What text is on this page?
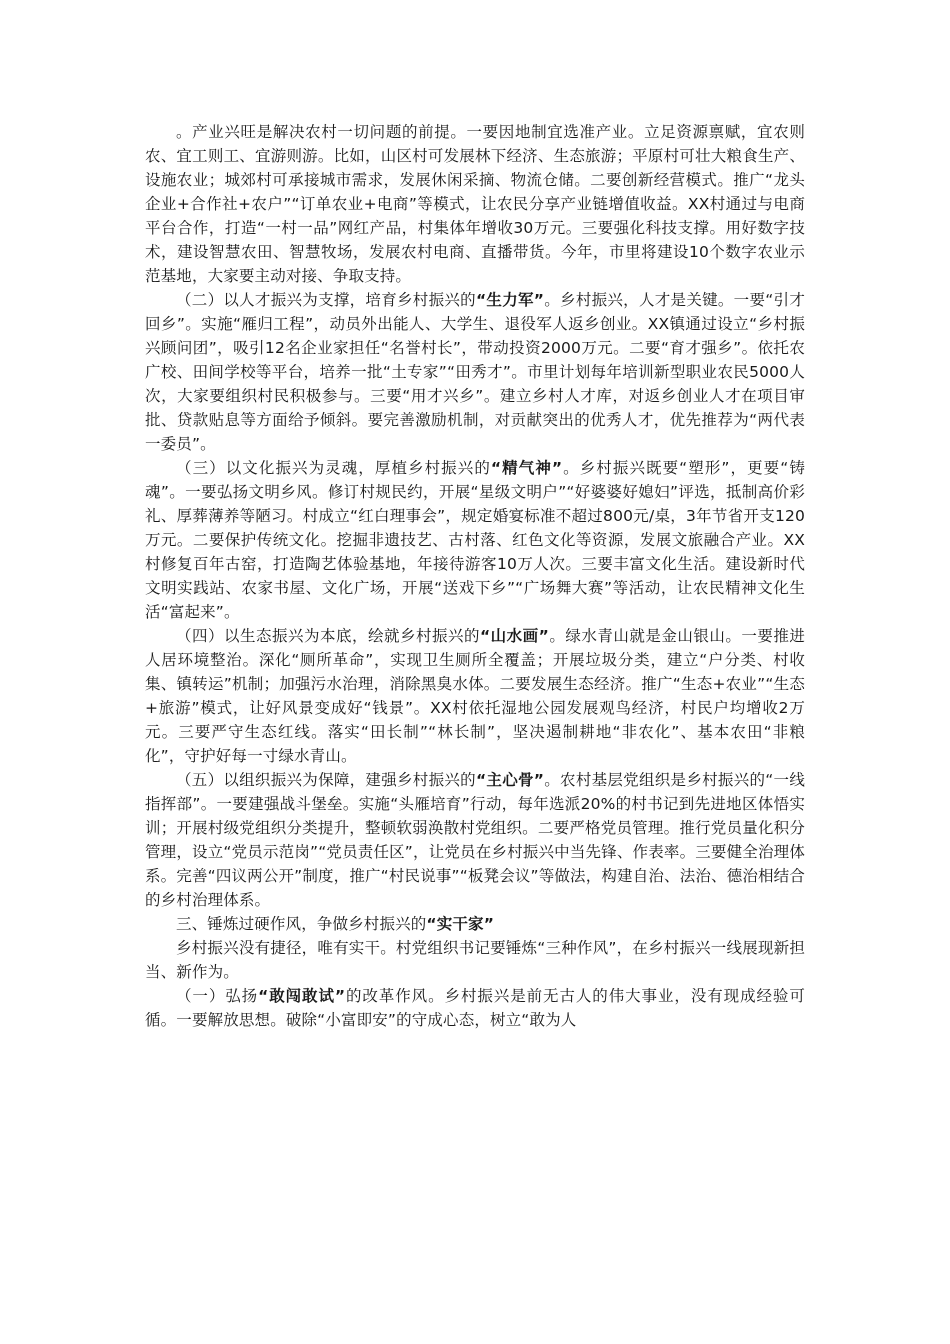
。产业兴旺是解决农村一切问题的前提。一要因地制宜选准产业。立足资源禀赋，宜农则农、宜工则工、宜游则游。比如，山区村可发展林下经济、生态旅游；平原村可壮大粮食生产、设施农业；城郊村可承接城市需求，发展休闲采摘、物流仓储。二要创新经营模式。推广“龙头企业+合作社+农户”“订单农业+电商”等模式，让农民分享产业链增值收益。XX村通过与电商平台合作，打造“一村一品”网红产品，村集体年增收30万元。三要强化科技支撑。用好数字技术，建设智慧农田、智慧牧场，发展农村电商、直播带货。今年，市里将建设10个数字农业示范基地，大家要主动对接、争取支持。

（二）以人才振兴为支撑，培育乡村振兴的“生力军”。乡村振兴，人才是关键。一要“引才回乡”。实施“雁归工程”，动员外出能人、大学生、退役军人返乡创业。XX镇通过设立“乡村振兴顾问团”，吸引12名企业家担任“名誉村长”，带动投资2000万元。二要“育才强乡”。依托农广校、田间学校等平台，培养一批“土专家”“田秀才”。市里计划每年培训新型职业农民5000人次，大家要组织村民积极参与。三要“用才兴乡”。建立乡村人才库，对返乡创业人才在项目审批、贷款贴息等方面给予倾斜。要完善激励机制，对贡献突出的优秀人才，优先推荐为“两代表一委员”。

（三）以文化振兴为灵魂，厚植乡村振兴的“精气神”。乡村振兴既要“塑形”，更要“铸魂”。一要弘扬文明乡风。修订村规民约，开展“星级文明户”“好婆婆好媳妇”评选，抵制高价彩礼、厚葬薄养等陋习。村成立“红白理事会”，规定婚宴标准不超过800元/桌，3年节省开支120万元。二要保护传统文化。挖掘非遗技艺、古村落、红色文化等资源，发展文旅融合产业。XX村修复百年古窑，打造陶艺体验基地，年接待游客10万人次。三要丰富文化生活。建设新时代文明实践站、农家书屋、文化广场，开展“送戏下乡”“广场舞大赛”等活动，让农民精神文化生活“富起来”。

（四）以生态振兴为本底，绘就乡村振兴的“山水画”。绿水青山就是金山银山。一要推进人居环境整治。深化“厕所革命”，实现卫生厕所全覆盖；开展垃圾分类，建立“户分类、村收集、镇转运”机制；加强污水治理，消除黑臭水体。二要发展生态经济。推广“生态+农业”“生态+旅游”模式，让好风景变成好“钱景”。XX村依托湿地公园发展观鸟经济，村民户均增收2万元。三要严守生态红线。落实“田长制”“林长制”，坚决遏制耕地“非农化”、基本农田“非粮化”，守护好每一寸绿水青山。

（五）以组织振兴为保障，建强乡村振兴的“主心骨”。农村基层党组织是乡村振兴的“一线指挥部”。一要建强战斗堡垒。实施“头雁培育”行动，每年选派20%的村书记到先进地区体悟实训；开展村级党组织分类提升，整顿软弱涣散村党组织。二要严格党员管理。推行党员量化积分管理，设立“党员示范岗”“党员责任区”，让党员在乡村振兴中当先锋、作表率。三要健全治理体系。完善“四议两公开”制度，推广“村民说事”“板凳会议”等做法，构建自治、法治、德治相结合的乡村治理体系。

三、锤炼过硬作风，争做乡村振兴的“实干家”

乡村振兴没有捷径，唯有实干。村党组织书记要锤炼“三种作风”，在乡村振兴一线展现新担当、新作为。

（一）弘扬“敢闯敢试”的改革作风。乡村振兴是前无古人的伟大事业，没有现成经验可循。一要解放思想。破除“小富即安”的守成心态，树立“敢为人
